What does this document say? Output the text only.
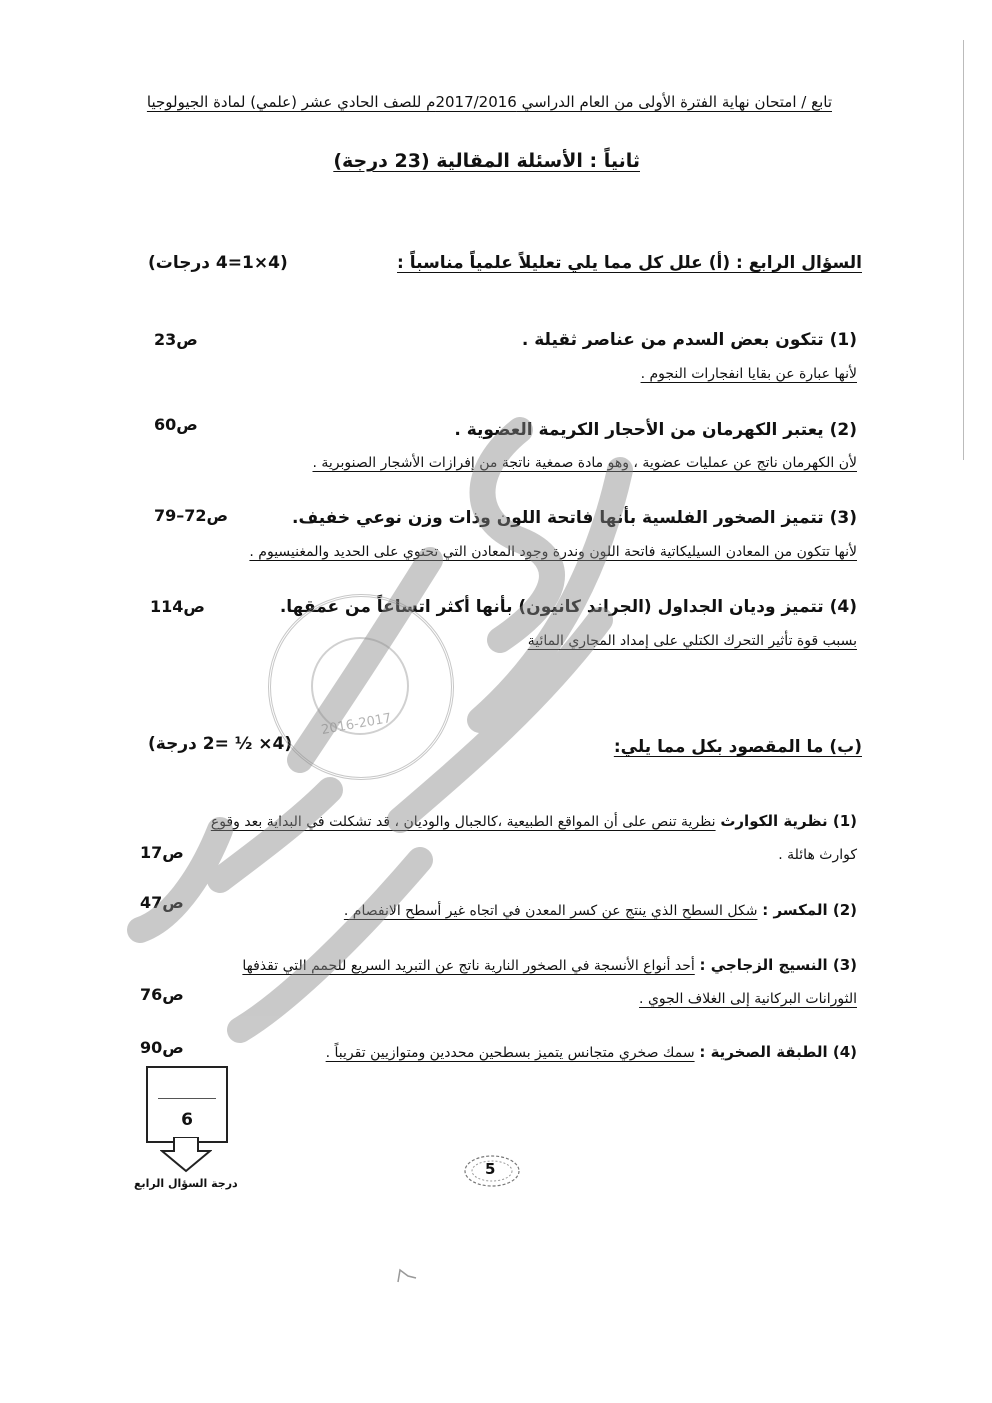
تابع / امتحان نهاية الفترة الأولى من العام الدراسي 2017/2016م للصف الحادي عشر (علمي) لمادة الجيولوجيا
ثانياً : الأسئلة المقالية (23 درجة)
السؤال الرابع : (أ) علل كل مما يلي تعليلاً علمياً مناسباً :
(4×1=4 درجات)
(1) تتكون بعض السدم من عناصر ثقيلة .
ص23
لأنها عبارة عن بقايا انفجارات النجوم .
(2) يعتبر الكهرمان من الأحجار الكريمة العضوية .
ص60
لأن الكهرمان ناتج عن عمليات عضوية ، وهو مادة صمغية ناتجة من إفرازات الأشجار الصنوبرية .
(3) تتميز الصخور الفلسية بأنها فاتحة اللون وذات وزن نوعي خفيف.
ص72–79
لأنها تتكون من المعادن السيليكاتية فاتحة اللون وندرة وجود المعادن التي تحتوي على الحديد والمغنيسيوم .
(4) تتميز وديان الجداول (الجراند كانيون) بأنها أكثر اتساعاً من عمقها.
ص114
بسبب قوة تأثير التحرك الكتلي على إمداد المجاري المائية
(ب) ما المقصود بكل مما يلي:
(4× ½ =2 درجة)
(1) نظرية الكوارث نظرية تنص على أن المواقع الطبيعية ،كالجبال والوديان ، قد تشكلت في البداية بعد وقوع
كوارث هائلة .
ص17
(2) المكسر : شكل السطح الذي ينتج عن كسر المعدن في اتجاه غير أسطح الانفصام .
ص47
(3) النسيج الزجاجي : أحد أنواع الأنسجة في الصخور النارية ناتج عن التبريد السريع للحمم التي تقذفها
الثورانات البركانية إلى الغلاف الجوي .
ص76
(4) الطبقة الصخرية : سمك صخري متجانس يتميز بسطحين محددين ومتوازيين تقريباً .
ص90
6
درجة السؤال الرابع
5
2016-2017
